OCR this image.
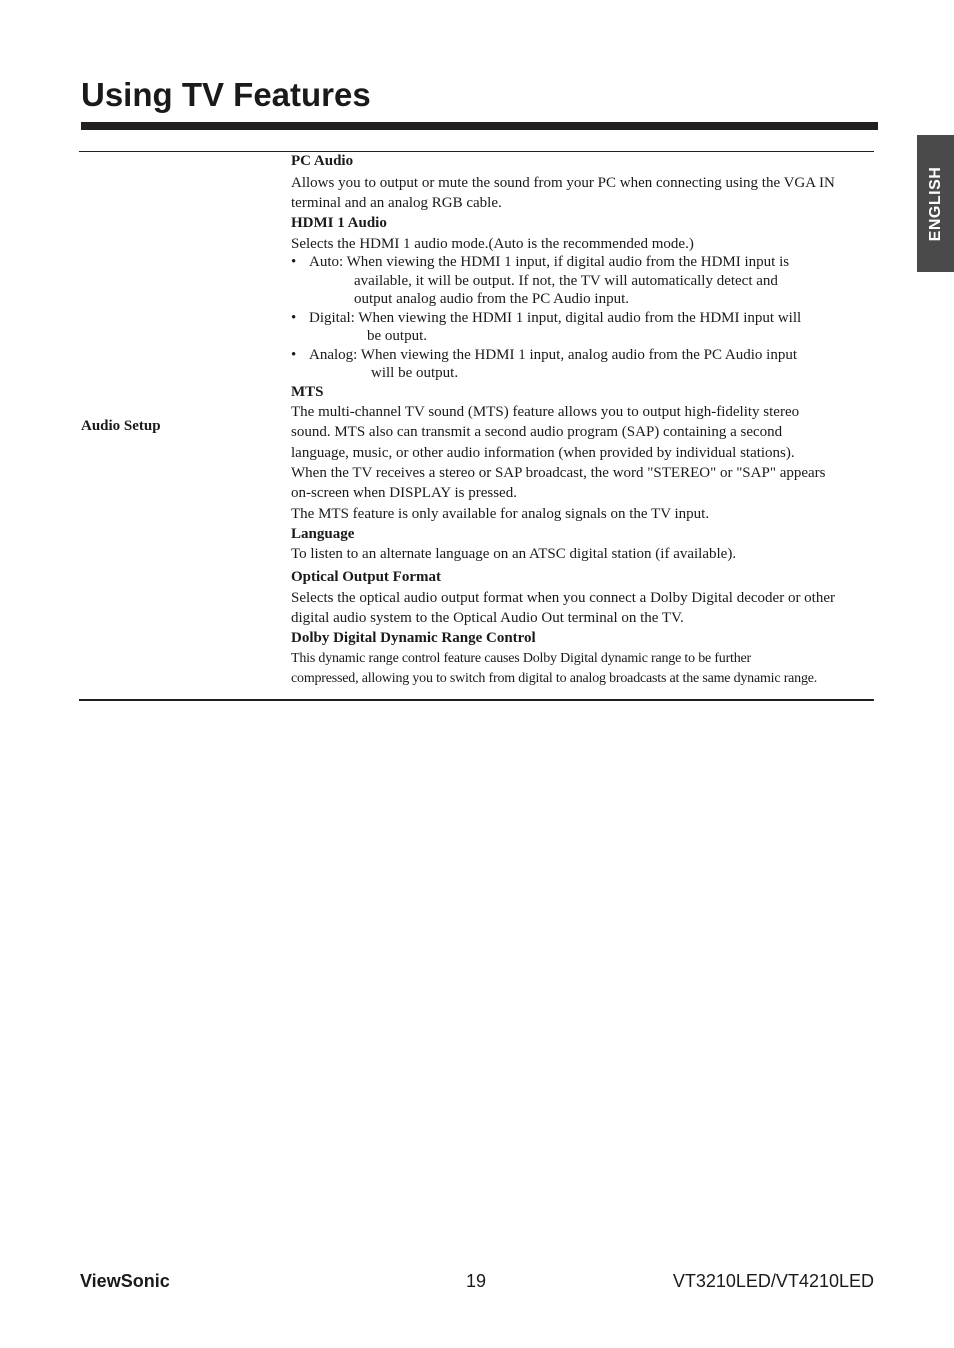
Using TV Features
ENGLISH
Audio Setup
PC Audio
Allows you to output or mute the sound from your PC when connecting using the VGA IN
terminal and an analog RGB cable.
HDMI 1 Audio
Selects the HDMI 1 audio mode.(Auto is the recommended mode.)
• Auto: When viewing the HDMI 1 input, if digital audio from the HDMI input is
available, it will be output. If not, the TV will automatically detect and
output analog audio from the PC Audio input.
• Digital: When viewing the HDMI 1 input, digital audio from the HDMI input will
be output.
• Analog: When viewing the HDMI 1 input, analog audio from the PC Audio input
will be output.
MTS
The multi-channel TV sound (MTS) feature allows you to output high-fidelity stereo
sound. MTS also can transmit a second audio program (SAP) containing a second
language, music, or other audio information (when provided by individual stations).
When the TV receives a stereo or SAP broadcast, the word "STEREO" or "SAP" appears
on-screen when DISPLAY is pressed.
The MTS feature is only available for analog signals on the TV input.
Language
To listen to an alternate language on an ATSC digital station (if available).
Optical Output Format
Selects the optical audio output format when you connect a Dolby Digital decoder or other
digital audio system to the Optical Audio Out terminal on the TV.
Dolby Digital Dynamic Range Control
This dynamic range control feature causes Dolby Digital dynamic range to be further
compressed, allowing you to switch from digital to analog broadcasts at the same dynamic range.
ViewSonic	19	VT3210LED/VT4210LED
